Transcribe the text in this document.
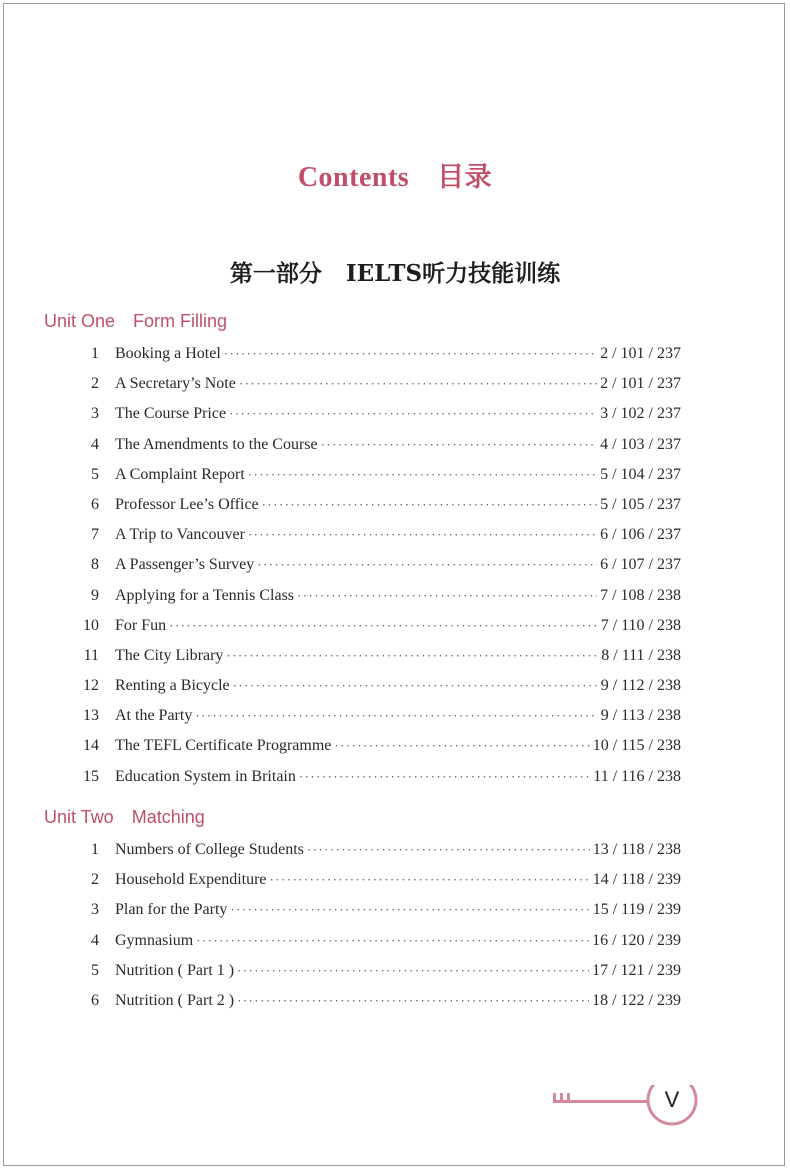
Contents 目录
第一部分 IELTS听力技能训练
Unit One Form Filling
1	Booking a Hotel ·····	2 / 101 / 237
2	A Secretary’s Note ·····	2 / 101 / 237
3	The Course Price ·····	3 / 102 / 237
4	The Amendments to the Course ·····	4 / 103 / 237
5	A Complaint Report ·····	5 / 104 / 237
6	Professor Lee’s Office ·····	5 / 105 / 237
7	A Trip to Vancouver ·····	6 / 106 / 237
8	A Passenger’s Survey ·····	6 / 107 / 237
9	Applying for a Tennis Class ·····	7 / 108 / 238
10	For Fun ·····	7 / 110 / 238
11	The City Library ·····	8 / 111 / 238
12	Renting a Bicycle ·····	9 / 112 / 238
13	At the Party ·····	9 / 113 / 238
14	The TEFL Certificate Programme ·····	10 / 115 / 238
15	Education System in Britain ·····	11 / 116 / 238
Unit Two Matching
1	Numbers of College Students ·····	13 / 118 / 238
2	Household Expenditure ·····	14 / 118 / 239
3	Plan for the Party ·····	15 / 119 / 239
4	Gymnasium ·····	16 / 120 / 239
5	Nutrition ( Part 1 ) ·····	17 / 121 / 239
6	Nutrition ( Part 2 ) ·····	18 / 122 / 239
V
